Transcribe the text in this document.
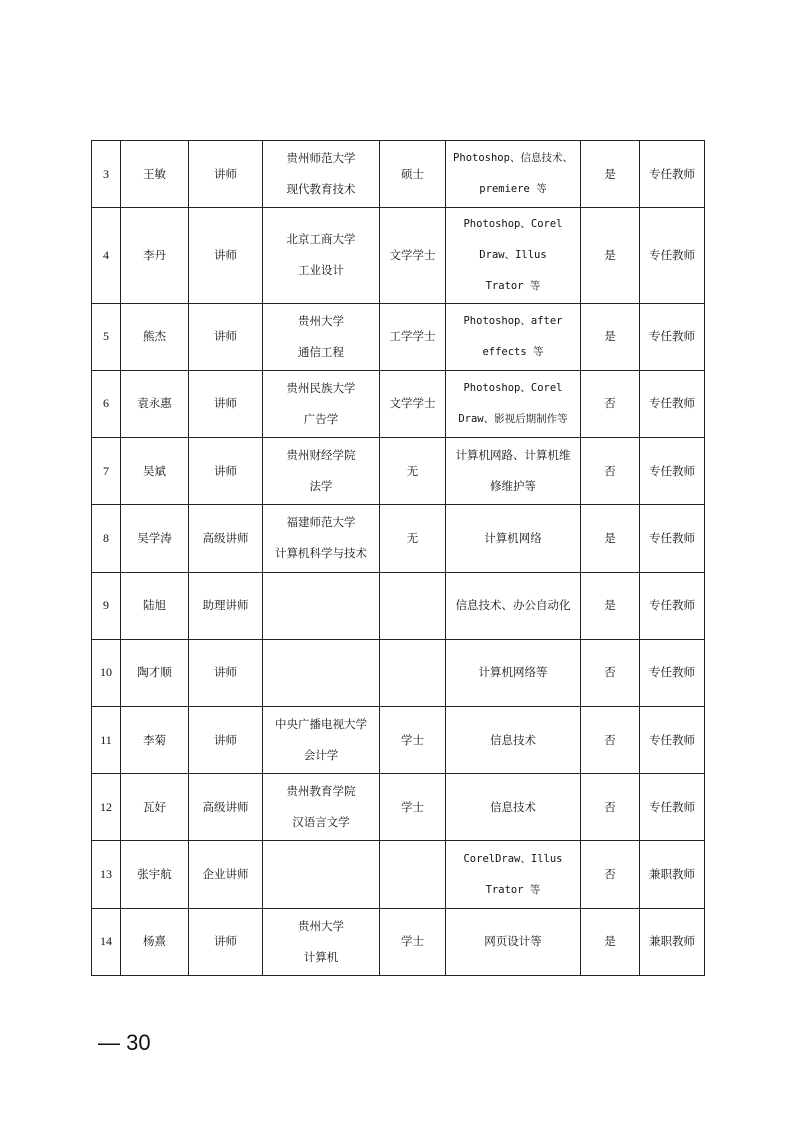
3	王敏	讲师	贵州师范大学
现代教育技术	硕士	Photoshop、信息技术、
premiere 等	是	专任教师
4	李丹	讲师	北京工商大学
工业设计	文学学士	Photoshop、Corel
Draw、Illus
Trator 等	是	专任教师
5	熊杰	讲师	贵州大学
通信工程	工学学士	Photoshop、after
effects 等	是	专任教师
6	袁永惠	讲师	贵州民族大学
广告学	文学学士	Photoshop、Corel
Draw、影视后期制作等	否	专任教师
7	吴斌	讲师	贵州财经学院
法学	无	计算机网路、计算机维
修维护等	否	专任教师
8	吴学涛	高级讲师	福建师范大学
计算机科学与技术	无	计算机网络	是	专任教师
9	陆旭	助理讲师			信息技术、办公自动化	是	专任教师
10	陶才顺	讲师			计算机网络等	否	专任教师
11	李菊	讲师	中央广播电视大学
会计学	学士	信息技术	否	专任教师
12	瓦好	高级讲师	贵州教育学院
汉语言文学	学士	信息技术	否	专任教师
13	张宇航	企业讲师			CorelDraw、Illus
Trator 等	否	兼职教师
14	杨熹	讲师	贵州大学
计算机	学士	网页设计等	是	兼职教师
— 30
